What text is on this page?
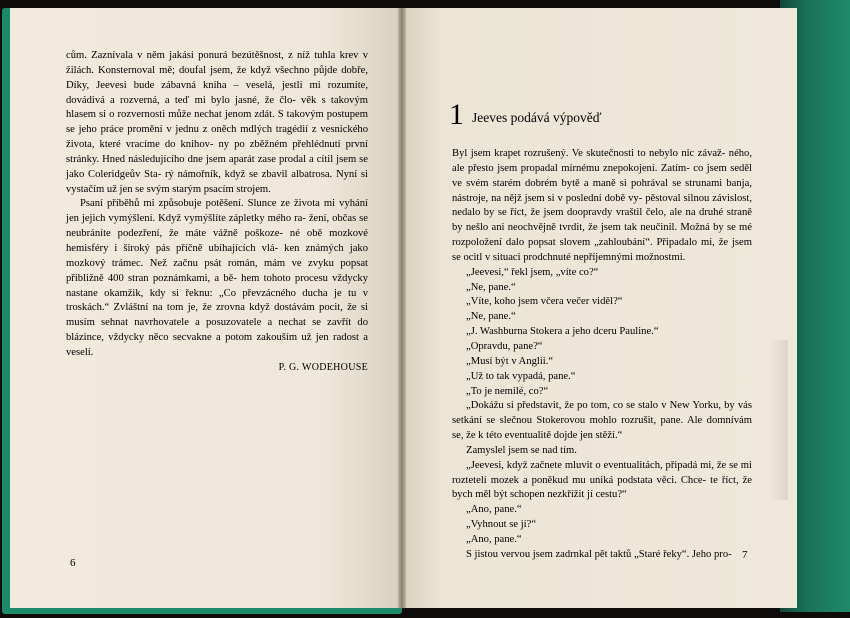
cům. Zaznívala v něm jakási ponurá bezútěšnost, z níž tuhla krev v žilách. Konsternoval mě; doufal jsem, že když všechno půjde dobře, Díky, Jeevesi bude zábavná kniha – veselá, jestli mi rozumíte, dovádivá a rozverná, a teď mi bylo jasné, že člo- věk s takovým hlasem si o rozvernosti může nechat jenom zdát. S takovým postupem se jeho práce promění v jednu z oněch mdlých tragédií z vesnického života, které vracíme do knihov- ny po zběžném přehlédnutí první stránky. Hned následujícího dne jsem aparát zase prodal a cítil jsem se jako Coleridgeův Sta- rý námořník, když se zbavil albatrosa. Nyní si vystačím už jen se svým starým psacím strojem.

Psaní příběhů mi způsobuje potěšení. Slunce ze života mi vyhání jen jejich vymýšlení. Když vymýšlíte zápletky mého ra- žení, občas se neubráníte podezření, že máte vážně poškoze- né obě mozkové hemisféry i široký pás příčně ubíhajících vlá- ken známých jako mozkový trámec. Než začnu psát román, mám ve zvyku popsat přibližně 400 stran poznámkami, a bě- hem tohoto procesu vždycky nastane okamžik, kdy si řeknu: „Co převzácného ducha je tu v troskách.“ Zvláštní na tom je, že zrovna když dostávám pocit, že si musím sehnat navrhovatele a posuzovatele a nechat se zavřít do blázince, vždycky něco secvakne a potom zakouším už jen radost a veselí.

P. G. WODEHOUSE
6
1 Jeeves podává výpověď

Byl jsem krapet rozrušený. Ve skutečnosti to nebylo nic závaž- ného, ale přesto jsem propadal mírnému znepokojení. Zatím- co jsem seděl ve svém starém dobrém bytě a maně si pohrával se strunami banja, nástroje, na nějž jsem si v poslední době vy- pěstoval silnou závislost, nedalo by se říct, že jsem doopravdy vraštil čelo, ale na druhé straně by nešlo ani neochvějně tvrdit, že jsem tak neučinil. Možná by se mé rozpoložení dalo popsat slovem „zahloubání“. Připadalo mi, že jsem se ocitl v situaci prodchnuté nepříjemnými možnostmi.

„Jeevesi,“ řekl jsem, „víte co?“

„Ne, pane.“

„Víte, koho jsem včera večer viděl?“

„Ne, pane.“

„J. Washburna Stokera a jeho dceru Pauline.“

„Opravdu, pane?“

„Musí být v Anglii.“

„Už to tak vypadá, pane.“

„To je nemilé, co?“

„Dokážu si představit, že po tom, co se stalo v New Yorku, by vás setkání se slečnou Stokerovou mohlo rozrušit, pane. Ale domnívám se, že k této eventualitě dojde jen stěží.“

Zamyslel jsem se nad tím.

„Jeevesi, když začnete mluvit o eventualitách, připadá mi, že se mi roztetelí mozek a poněkud mu uniká podstata věci. Chce- te říct, že bych měl být schopen nezkřížit jí cestu?“

„Ano, pane.“

„Vyhnout se jí?“

„Ano, pane.“

S jistou vervou jsem zadrnkal pět taktů „Staré řeky“. Jeho pro- 7
